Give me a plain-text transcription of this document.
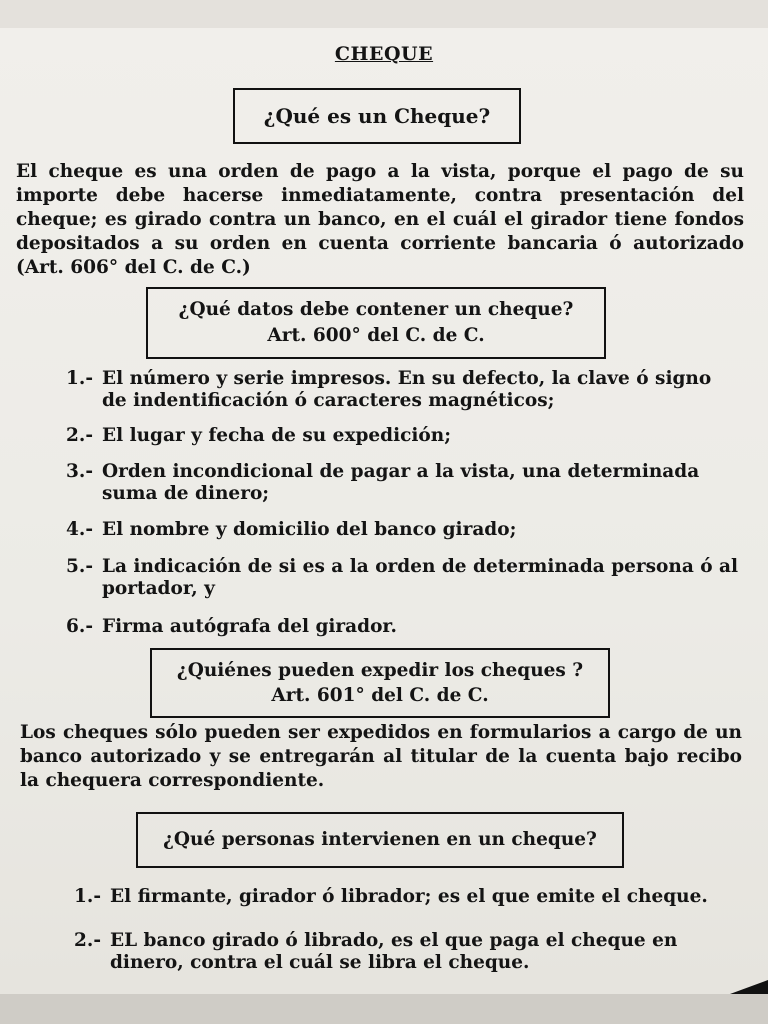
CHEQUE
¿Qué es un Cheque?
El cheque es una orden de pago a la vista, porque el pago de su importe debe hacerse inmediatamente, contra presentación del cheque; es girado contra un banco, en el cuál el girador tiene fondos depositados a su orden en cuenta corriente bancaria ó autorizado (Art. 606° del C. de C.)
¿Qué datos debe contener un cheque?
Art. 600° del C. de C.
1.- El número y serie impresos. En su defecto, la clave ó signo de indentificación ó caracteres magnéticos;
2.- El lugar y fecha de su expedición;
3.- Orden incondicional de pagar a la vista, una determinada suma de dinero;
4.- El nombre y domicilio del banco girado;
5.- La indicación de si es a la orden de determinada persona ó al portador, y
6.- Firma autógrafa del girador.
¿Quiénes pueden expedir los cheques ?
Art. 601° del C. de C.
Los cheques sólo pueden ser expedidos en formularios a cargo de un banco autorizado y se entregarán al titular de la cuenta bajo recibo la chequera correspondiente.
¿Qué personas intervienen en un cheque?
1.- El firmante, girador ó librador; es el que emite el cheque.
2.- EL banco girado ó librado, es el que paga el cheque en dinero, contra el cuál se libra el cheque.
